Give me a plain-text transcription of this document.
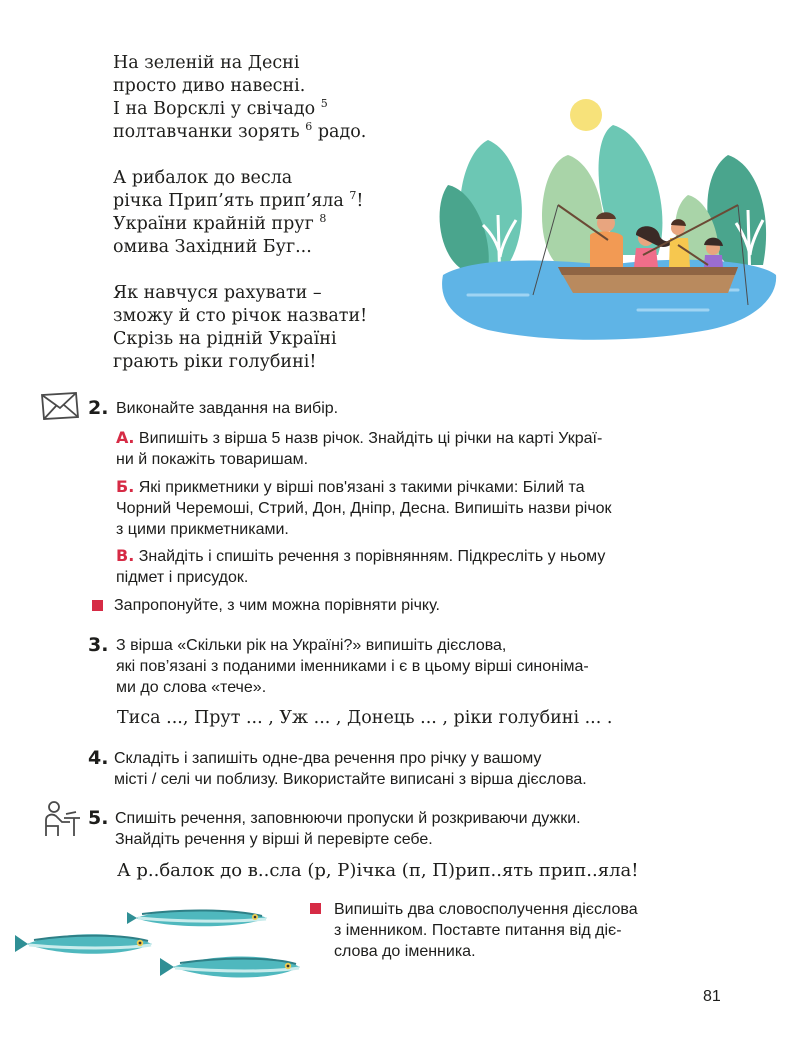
На зеленій на Десні
просто диво навесні.
І на Ворсклі у свічадо $^5$
полтавчанки зорять $^6$ радо.
А рибалок до весла
річка Прип’ять прип’яла $^7$!
України крайній пруг $^8$
омива Західний Буг...
Як навчуся рахувати –
зможу й сто річок назвати!
Скрізь на рідній Україні
грають ріки голубині!
2. Виконайте завдання на вибір.
А. Випишіть з вірша 5 назв річок. Знайдіть ці річки на карті Украї-
ни й покажіть товаришам.
Б. Які прикметники у вірші пов'язані з такими річками: Білий та
Чорний Черемоші, Стрий, Дон, Дніпр, Десна. Випишіть назви річок
з цими прикметниками.
В. Знайдіть і спишіть речення з порівнянням. Підкресліть у ньому
підмет і присудок.
Запропонуйте, з чим можна порівняти річку.
3. З вірша «Скільки рік на Україні?» випишіть дієслова,
які пов’язані з поданими іменниками і є в цьому вірші синоніма-
ми до слова «тече».
Тиса ..., Прут ... , Уж ... , Донець ... , ріки голубині ... .
4. Складіть і запишіть одне-два речення про річку у вашому
місті / селі чи поблизу. Використайте виписані з вірша дієслова.
5. Спишіть речення, заповнюючи пропуски й розкриваючи дужки.
Знайдіть речення у вірші й перевірте себе.
А р..балок до в..сла (р, Р)ічка (п, П)рип..ять прип..яла!
Випишіть два словосполучення дієслова
з іменником. Поставте питання від діє-
слова до іменника.
81
